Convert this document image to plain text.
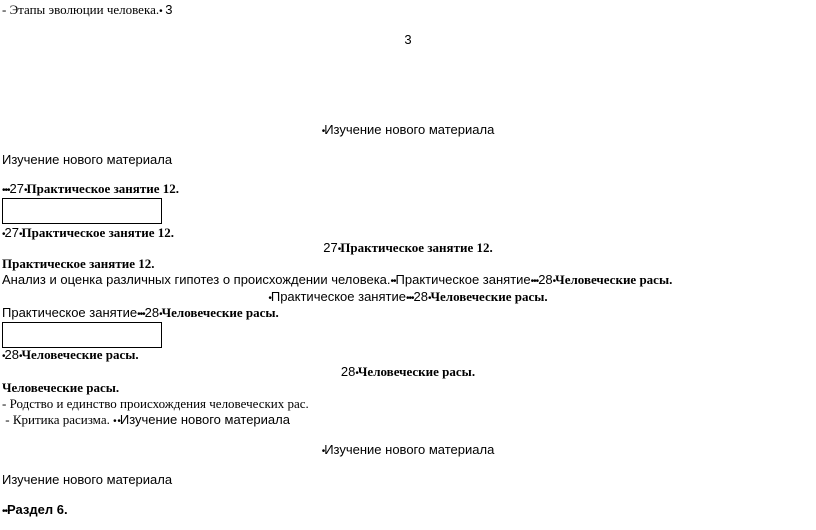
- Этапы эволюции человека.• 3
3
•Изучение нового материала
Изучение нового материала
•••27•Практическое занятие 12.
•27•Практическое занятие 12.
27•Практическое занятие 12.
Практическое занятие 12.
Анализ и оценка различных гипотез о происхождении человека.••Практическое занятие•••28•Человеческие расы.
•Практическое занятие•••28•Человеческие расы.
Практическое занятие•••28•Человеческие расы.
•28•Человеческие расы.
28•Человеческие расы.
Человеческие расы.
- Родство и единство происхождения человеческих рас.
- Критика расизма. • •Изучение нового материала
•Изучение нового материала
Изучение нового материала
••Раздел 6.
